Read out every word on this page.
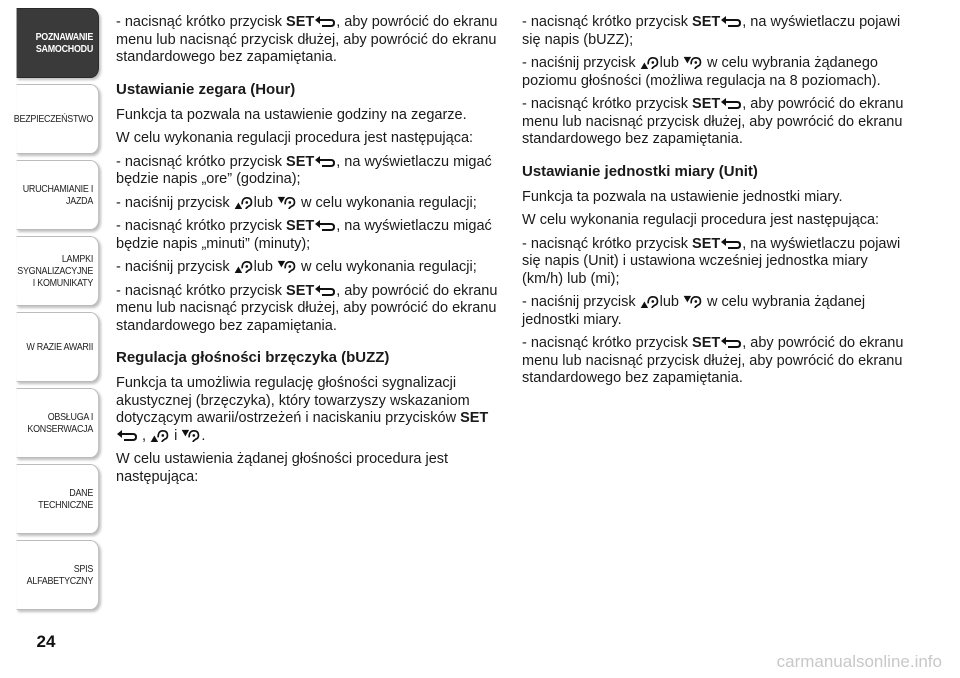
POZNAWANIE SAMOCHODU
BEZPIECZEŃSTWO
URUCHAMIANIE I JAZDA
LAMPKI SYGNALIZACYJNE I KOMUNIKATY
W RAZIE AWARII
OBSŁUGA I KONSERWACJA
DANE TECHNICZNE
SPIS ALFABETYCZNY
24

- nacisnąć krótko przycisk SET , aby powrócić do ekranu menu lub nacisnąć przycisk dłużej, aby powrócić do ekranu standardowego bez zapamiętania.

Ustawianie zegara (Hour)

Funkcja ta pozwala na ustawienie godziny na zegarze.

W celu wykonania regulacji procedura jest następująca:

- nacisnąć krótko przycisk SET , na wyświetlaczu migać będzie napis „ore” (godzina);

- naciśnij przycisk lub  w celu wykonania regulacji;

- nacisnąć krótko przycisk SET , na wyświetlaczu migać będzie napis „minuti” (minuty);

- naciśnij przycisk lub  w celu wykonania regulacji;

- nacisnąć krótko przycisk SET , aby powrócić do ekranu menu lub nacisnąć przycisk dłużej, aby powrócić do ekranu standardowego bez zapamiętania.

Regulacja głośności brzęczyka (bUZZ)

Funkcja ta umożliwia regulację głośności sygnalizacji akustycznej (brzęczyka), który towarzyszy wskazaniom dotyczącym awarii/ostrzeżeń i naciskaniu przycisków SET , i .

W celu ustawienia żądanej głośności procedura jest następująca:

- nacisnąć krótko przycisk SET , na wyświetlaczu pojawi się napis (bUZZ);

- naciśnij przycisk lub  w celu wybrania żądanego poziomu głośności (możliwa regulacja na 8 poziomach).

- nacisnąć krótko przycisk SET , aby powrócić do ekranu menu lub nacisnąć przycisk dłużej, aby powrócić do ekranu standardowego bez zapamiętania.

Ustawianie jednostki miary (Unit)

Funkcja ta pozwala na ustawienie jednostki miary.

W celu wykonania regulacji procedura jest następująca:

- nacisnąć krótko przycisk SET , na wyświetlaczu pojawi się napis (Unit) i ustawiona wcześniej jednostka miary (km/h) lub (mi);

- naciśnij przycisk lub  w celu wybrania żądanej jednostki miary.

- nacisnąć krótko przycisk SET , aby powrócić do ekranu menu lub nacisnąć przycisk dłużej, aby powrócić do ekranu standardowego bez zapamiętania.

carmanualsonline.info
